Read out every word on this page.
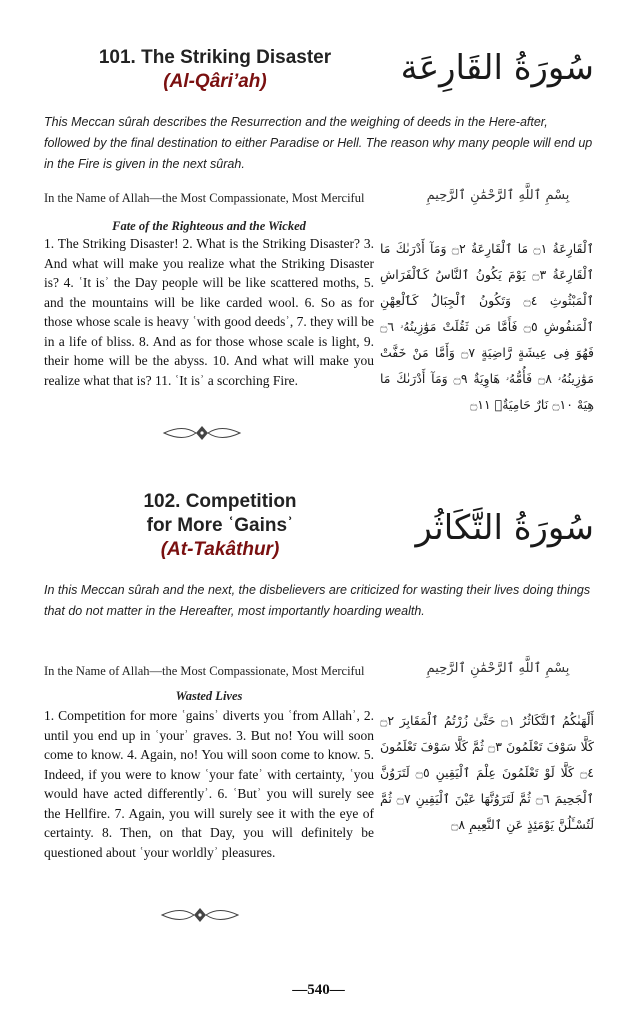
101. The Striking Disaster
(Al-Qâri’ah)	سُورَةُ القَارِعَة
This Meccan sûrah describes the Resurrection and the weighing of deeds in the Here-after, followed by the final destination to either Paradise or Hell. The reason why many people will end up in the Fire is given in the next sûrah.
In the Name of Allah—the Most Compassionate, Most Merciful	بِسْمِ ٱللَّهِ ٱلرَّحْمَٰنِ ٱلرَّحِيمِ
Fate of the Righteous and the Wicked
1. The Striking Disaster! 2. What is the Striking Disaster? 3. And what will make you realize what the Striking Disaster is? 4. ʿIt isʾ the Day people will be like scattered moths, 5. and the mountains will be like carded wool. 6. So as for those whose scale is heavy ʿwith good deedsʾ, 7. they will be in a life of bliss. 8. And as for those whose scale is light, 9. their home will be the abyss. 10. And what will make you realize what that is? 11. ʿIt isʾ a scorching Fire.
ٱلْقَارِعَةُ ۝١ مَا ٱلْقَارِعَةُ ۝٢ وَمَآ أَدْرَىٰكَ مَا ٱلْقَارِعَةُ ۝٣ يَوْمَ يَكُونُ ٱلنَّاسُ كَٱلْفَرَاشِ ٱلْمَبْثُوثِ ۝٤ وَتَكُونُ ٱلْجِبَالُ كَٱلْعِهْنِ ٱلْمَنفُوشِ ۝٥ فَأَمَّا مَن ثَقُلَتْ مَوَٰزِينُهُۥ ۝٦ فَهُوَ فِى عِيشَةٍ رَّاضِيَةٍ ۝٧ وَأَمَّا مَنْ خَفَّتْ مَوَٰزِينُهُۥ ۝٨ فَأُمُّهُۥ هَاوِيَةٌ ۝٩ وَمَآ أَدْرَىٰكَ مَا هِيَهْ ۝١٠ نَارٌ حَامِيَةٌۢ ۝١١
102. Competition
for More ʿGainsʾ
(At-Takâthur)
سُورَةُ التَّكَاثُر
In this Meccan sûrah and the next, the disbelievers are criticized for wasting their lives doing things that do not matter in the Hereafter, most importantly hoarding wealth.
In the Name of Allah—the Most Compassionate, Most Merciful	بِسْمِ ٱللَّهِ ٱلرَّحْمَٰنِ ٱلرَّحِيمِ
Wasted Lives
1. Competition for more ʿgainsʾ diverts you ʿfrom Allahʾ, 2. until you end up in ʿyourʾ graves. 3. But no! You will soon come to know. 4. Again, no! You will soon come to know. 5. Indeed, if you were to know ʿyour fateʾ with certainty, ʿyou would have acted differentlyʾ. 6. ʿButʾ you will surely see the Hellfire. 7. Again, you will surely see it with the eye of certainty. 8. Then, on that Day, you will definitely be questioned about ʿyour worldlyʾ pleasures.
أَلْهَىٰكُمُ ٱلتَّكَاثُرُ ۝١ حَتَّىٰ زُرْتُمُ ٱلْمَقَابِرَ ۝٢ كَلَّا سَوْفَ تَعْلَمُونَ ۝٣ ثُمَّ كَلَّا سَوْفَ تَعْلَمُونَ ۝٤ كَلَّا لَوْ تَعْلَمُونَ عِلْمَ ٱلْيَقِينِ ۝٥ لَتَرَوُنَّ ٱلْجَحِيمَ ۝٦ ثُمَّ لَتَرَوُنَّهَا عَيْنَ ٱلْيَقِينِ ۝٧ ثُمَّ لَتُسْـَٔلُنَّ يَوْمَئِذٍ عَنِ ٱلنَّعِيمِ ۝٨
—540—
